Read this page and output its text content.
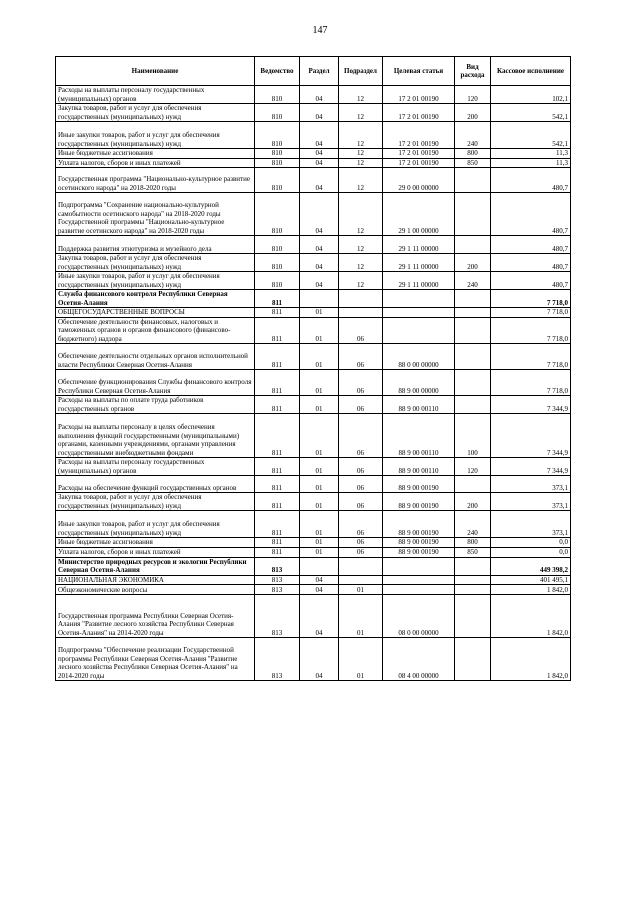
147
Наименование	Ведомство	Раздел	Подраздел	Целевая статья	Вид расхода	Кассовое исполнение
Расходы на выплаты персоналу государственных (муниципальных) органов	810	04	12	17 2 01 00190	120	102,1
Закупка товаров, работ и услуг для обеспечения государственных (муниципальных) нужд	810	04	12	17 2 01 00190	200	542,1
Иные закупки товаров, работ и услуг для обеспечения государственных (муниципальных) нужд	810	04	12	17 2 01 00190	240	542,1
Иные бюджетные ассигнования	810	04	12	17 2 01 00190	800	11,3
Уплата налогов, сборов и иных платежей	810	04	12	17 2 01 00190	850	11,3
Государственная программа "Национально-культурное развитие осетинского народа" на 2018-2020 годы	810	04	12	29 0 00 00000		480,7
Подпрограмма "Сохранение национально-культурной самобытности осетинского народа" на 2018-2020 годы Государственной программы "Национально-культурное развитие осетинского народа" на 2018-2020 годы	810	04	12	29 1 00 00000		480,7
Поддержка развития этнотуризма и музейного дела	810	04	12	29 1 11 00000		480,7
Закупка товаров, работ и услуг для обеспечения государственных (муниципальных) нужд	810	04	12	29 1 11 00000	200	480,7
Иные закупки товаров, работ и услуг для обеспечения государственных (муниципальных) нужд	810	04	12	29 1 11 00000	240	480,7
Служба финансового контроля Республики Северная Осетия-Алания	811					7 718,0
ОБЩЕГОСУДАРСТВЕННЫЕ ВОПРОСЫ	811	01				7 718,0
Обеспечение деятельности финансовых, налоговых и таможенных органов и органов финансового (финансово-бюджетного) надзора	811	01	06			7 718,0
Обеспечение деятельности отдельных органов исполнительной власти Республики Северная Осетия-Алания	811	01	06	88 0 00 00000		7 718,0
Обеспечение функционирования Службы финансового контроля Республики Северная Осетия-Алания	811	01	06	88 9 00 00000		7 718,0
Расходы на выплаты по оплате труда работников государственных органов	811	01	06	88 9 00 00110		7 344,9
Расходы на выплаты персоналу в целях обеспечения выполнения функций государственными (муниципальными) органами, казенными учреждениями, органами управления государственными внебюджетными фондами	811	01	06	88 9 00 00110	100	7 344,9
Расходы на выплаты персоналу государственных (муниципальных) органов	811	01	06	88 9 00 00110	120	7 344,9
Расходы на обеспечение функций государственных органов	811	01	06	88 9 00 00190		373,1
Закупка товаров, работ и услуг для обеспечения государственных (муниципальных) нужд	811	01	06	88 9 00 00190	200	373,1
Иные закупки товаров, работ и услуг для обеспечения государственных (муниципальных) нужд	811	01	06	88 9 00 00190	240	373,1
Иные бюджетные ассигнования	811	01	06	88 9 00 00190	800	0,0
Уплата налогов, сборов и иных платежей	811	01	06	88 9 00 00190	850	0,0
Министерство природных ресурсов и экологии Республики Северная Осетия-Алания	813					449 398,2
НАЦИОНАЛЬНАЯ ЭКОНОМИКА	813	04				401 495,1
Общеэкономические вопросы	813	04	01			1 842,0
Государственная программа Республики Северная Осетия-Алания "Развитие лесного хозяйства Республики Северная Осетия-Алания" на 2014-2020 годы	813	04	01	08 0 00 00000		1 842,0
Подпрограмма "Обеспечение реализации Государственной программы Республики Северная Осетия-Алания "Развитие лесного хозяйства Республики Северная Осетия-Алания" на 2014-2020 годы	813	04	01	08 4 00 00000		1 842,0
